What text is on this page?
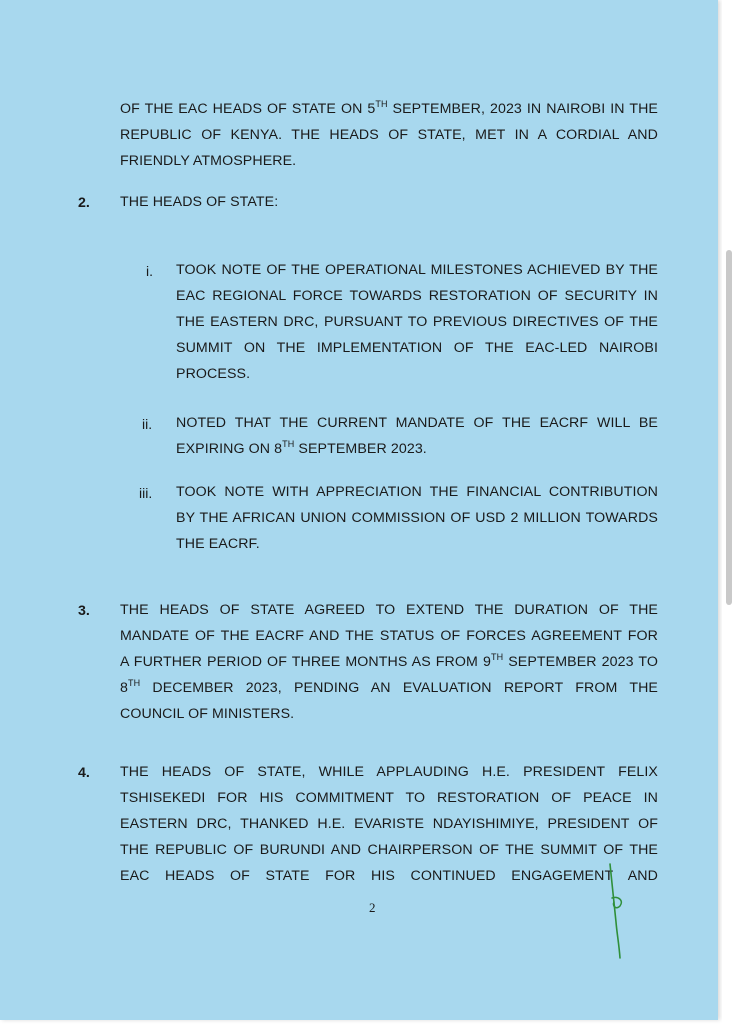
OF THE EAC HEADS OF STATE ON 5TH SEPTEMBER, 2023 IN NAIROBI IN THE
REPUBLIC OF KENYA. THE HEADS OF STATE, MET IN A CORDIAL AND
FRIENDLY ATMOSPHERE.
2. THE HEADS OF STATE:
i. TOOK NOTE OF THE OPERATIONAL MILESTONES ACHIEVED BY THE
EAC REGIONAL FORCE TOWARDS RESTORATION OF SECURITY IN
THE EASTERN DRC, PURSUANT TO PREVIOUS DIRECTIVES OF THE
SUMMIT ON THE IMPLEMENTATION OF THE EAC-LED NAIROBI
PROCESS.
ii. NOTED THAT THE CURRENT MANDATE OF THE EACRF WILL BE
EXPIRING ON 8TH SEPTEMBER 2023.
iii. TOOK NOTE WITH APPRECIATION THE FINANCIAL CONTRIBUTION
BY THE AFRICAN UNION COMMISSION OF USD 2 MILLION TOWARDS
THE EACRF.
3. THE HEADS OF STATE AGREED TO EXTEND THE DURATION OF THE
MANDATE OF THE EACRF AND THE STATUS OF FORCES AGREEMENT FOR
A FURTHER PERIOD OF THREE MONTHS AS FROM 9TH SEPTEMBER 2023 TO
8TH DECEMBER 2023, PENDING AN EVALUATION REPORT FROM THE
COUNCIL OF MINISTERS.
4. THE HEADS OF STATE, WHILE APPLAUDING H.E. PRESIDENT FELIX
TSHISEKEDI FOR HIS COMMITMENT TO RESTORATION OF PEACE IN
EASTERN DRC, THANKED H.E. EVARISTE NDAYISHIMIYE, PRESIDENT OF
THE REPUBLIC OF BURUNDI AND CHAIRPERSON OF THE SUMMIT OF THE
EAC HEADS OF STATE FOR HIS CONTINUED ENGAGEMENT AND
2
